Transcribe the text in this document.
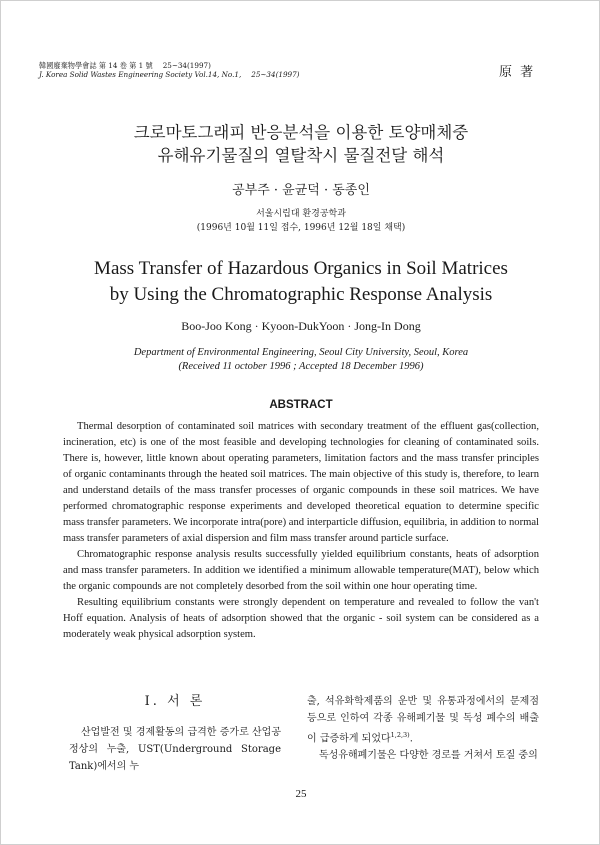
韓國廢棄物學會誌 第 14 卷 第 1 號 25~34(1997)
J. Korea Solid Wastes Engineering Society Vol.14, No.1, 25~34(1997)	原 著
크로마토그래피 반응분석을 이용한 토양매체중
유해유기물질의 열탈착시 물질전달 해석
공부주 · 윤균덕 · 동종인
서울시립대 환경공학과
(1996년 10월 11일 접수, 1996년 12월 18일 채택)
Mass Transfer of Hazardous Organics in Soil Matrices
by Using the Chromatographic Response Analysis
Boo-Joo Kong · Kyoon-DukYoon · Jong-In Dong
Department of Environmental Engineering, Seoul City University, Seoul, Korea
(Received 11 october 1996 ; Accepted 18 December 1996)
ABSTRACT

Thermal desorption of contaminated soil matrices with secondary treatment of the effluent gas(collection, incineration, etc) is one of the most feasible and developing technologies for cleaning of contaminated soils. There is, however, little known about operating parameters, limitation factors and the mass transfer principles of organic contaminants through the heated soil matrices. The main objective of this study is, therefore, to learn and understand details of the mass transfer processes of organic compounds in these soil matrices. We have performed chromatographic response experiments and developed theoretical equation to determine specific mass transfer parameters. We incorporate intra(pore) and interparticle diffusion, equilibria, in addition to normal mass transfer parameters of axial dispersion and film mass transfer around particle surface.

Chromatographic response analysis results successfully yielded equilibrium constants, heats of adsorption and mass transfer parameters. In addition we identified a minimum allowable temperature(MAT), below which the organic compounds are not completely desorbed from the soil within one hour operating time.

Resulting equilibrium constants were strongly dependent on temperature and revealed to follow the van't Hoff equation. Analysis of heats of adsorption showed that the organic - soil system can be considered as a moderately weak physical adsorption system.

Ⅰ. 서 론

산업발전 및 경제활동의 급격한 증가로 산업공정상의 누출, UST(Underground Storage Tank)에서의 누

출, 석유화학제품의 운반 및 유통과정에서의 문제점 등으로 인하여 각종 유해폐기물 및 독성 폐수의 배출이 급증하게 되었다$^{1,2,3)}$.

독성유해폐기물은 다양한 경로를 거쳐서 토질 중의

25
